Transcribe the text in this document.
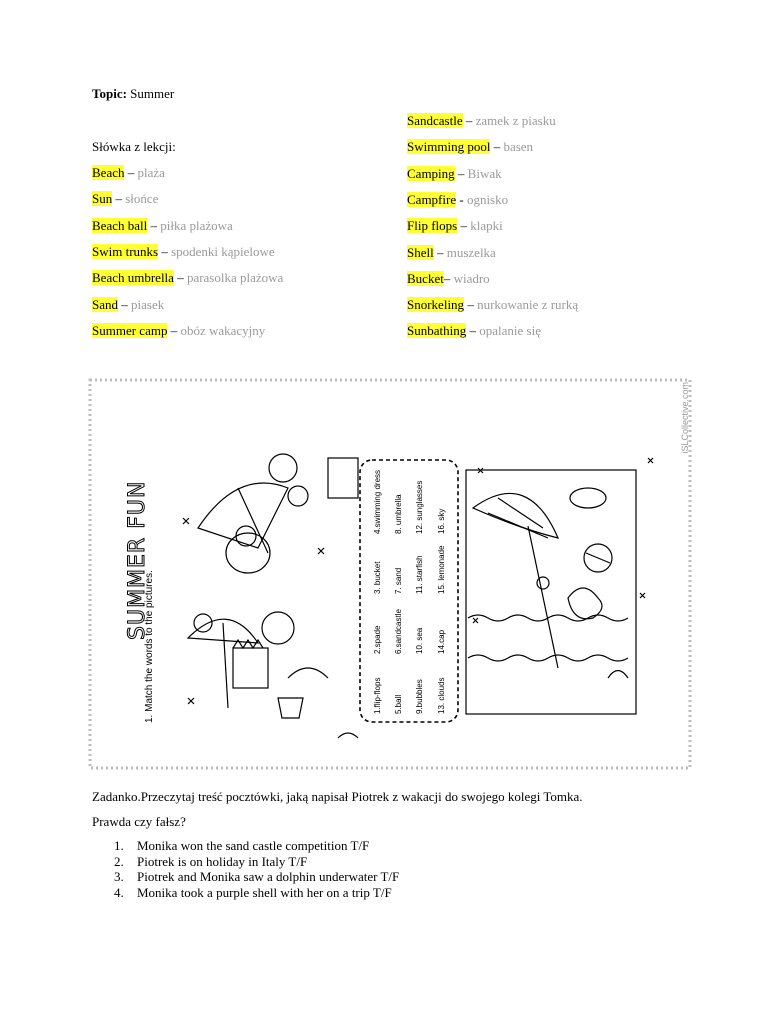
Topic: Summer
Słówka z lekcji:
Beach – plaża
Sun – słońce
Beach ball – piłka plażowa
Swim trunks – spodenki kąpielowe
Beach umbrella – parasolka plażowa
Sand – piasek
Summer camp – obóz wakacyjny
Sandcastle – zamek z piasku
Swimming pool – basen
Camping – Biwak
Campfire - ognisko
Flip flops – klapki
Shell – muszelka
Bucket– wiadro
Snorkeling – nurkowanie z rurką
Sunbathing – opalanie się
iSLCollective.com
SUMMER FUN
1. Match the words to the pictures.	1.flip-flops
2.spade
3. bucket
4.swimming dress
5.ball
6.sandcastle
7. sand
8. umbrella
9.bubbles
10. sea
11. starfish
12. sunglasses
13. clouds
14.cap
15. lemonade
16. sky
Zadanko.Przeczytaj treść pocztówki, jaką napisał Piotrek z wakacji do swojego kolegi Tomka.
Prawda czy fałsz?
1. Monika won the sand castle competition T/F
2. Piotrek is on holiday in Italy T/F
3. Piotrek and Monika saw a dolphin underwater T/F
4. Monika took a purple shell with her on a trip T/F
